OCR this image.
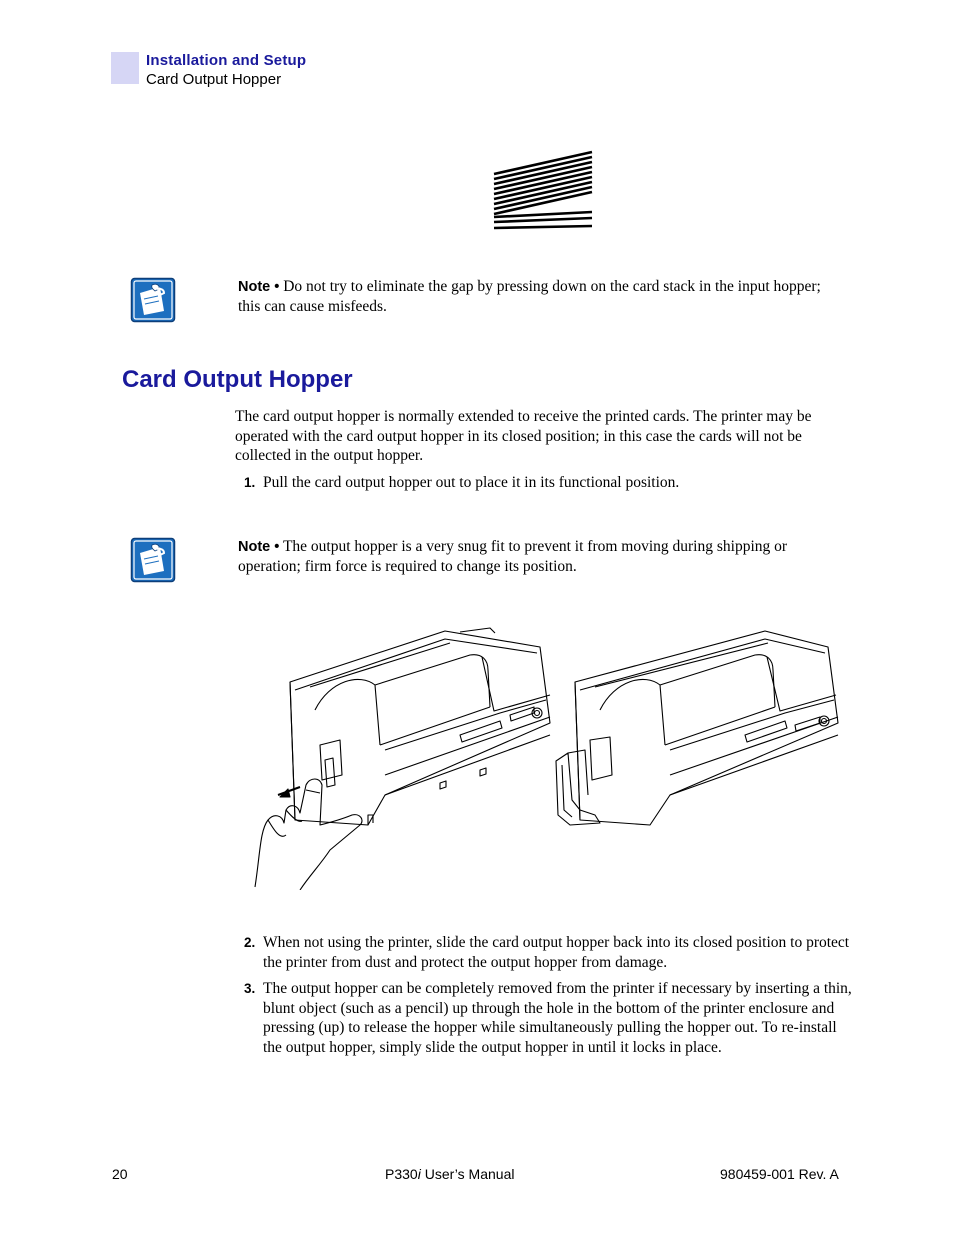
Installation and Setup
Card Output Hopper
Note • Do not try to eliminate the gap by pressing down on the card stack in the input hopper; this can cause misfeeds.
Card Output Hopper
The card output hopper is normally extended to receive the printed cards. The printer may be operated with the card output hopper in its closed position; in this case the cards will not be collected in the output hopper.
1. Pull the card output hopper out to place it in its functional position.
Note • The output hopper is a very snug fit to prevent it from moving during shipping or operation; firm force is required to change its position.
2. When not using the printer, slide the card output hopper back into its closed position to protect the printer from dust and protect the output hopper from damage.
3. The output hopper can be completely removed from the printer if necessary by inserting a thin, blunt object (such as a pencil) up through the hole in the bottom of the printer enclosure and pressing (up) to release the hopper while simultaneously pulling the hopper out. To re-install the output hopper, simply slide the output hopper in until it locks in place.
20	P330i User’s Manual	980459-001 Rev. A
